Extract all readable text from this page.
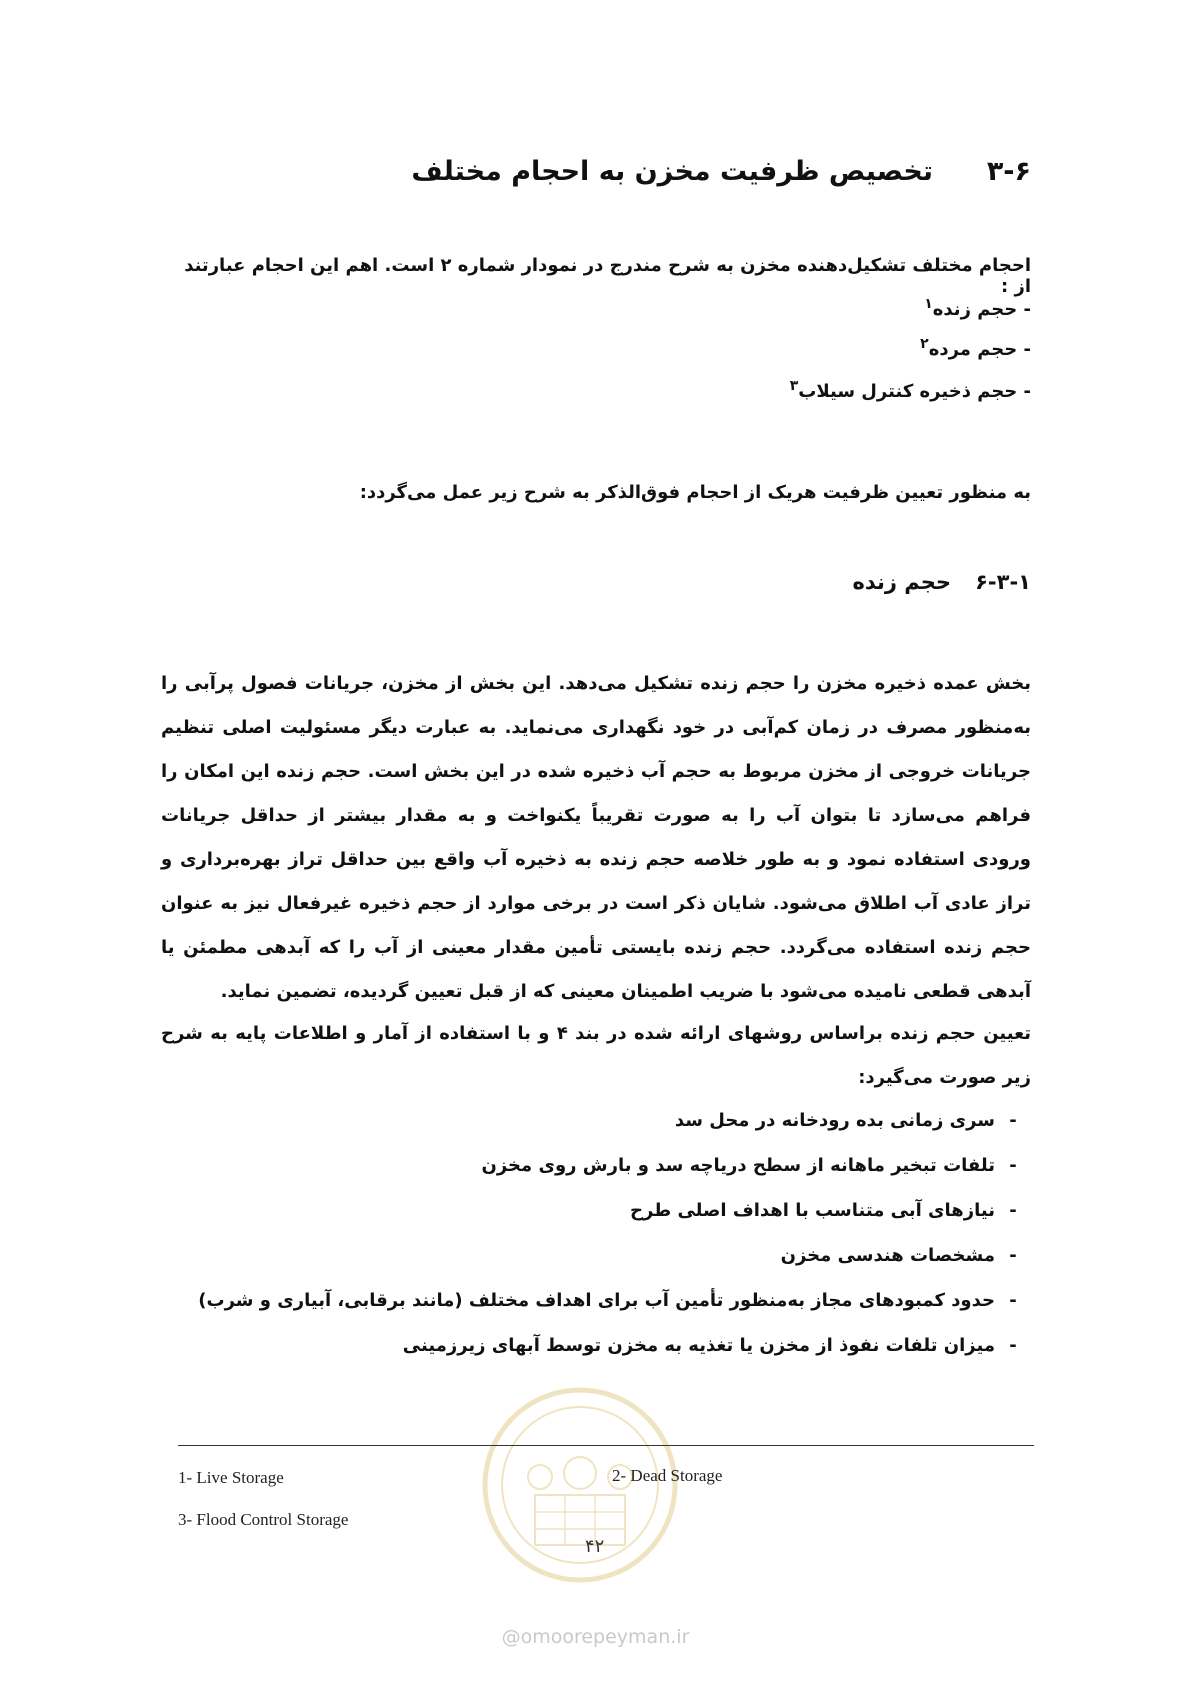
۳-۶
تخصیص ظرفیت مخزن به احجام مختلف
احجام مختلف تشکیل‌دهنده مخزن به شرح مندرج در نمودار شماره ۲ است. اهم این احجام عبارتند از :
- حجم زنده$^۱$
- حجم مرده$^۲$
- حجم ذخیره کنترل سیلاب$^۳$
به منظور تعیین ظرفیت هریک از احجام فوق‌الذکر به شرح زیر عمل می‌گردد:
۶-۳-۱
حجم زنده
بخش عمده ذخیره مخزن را حجم زنده تشکیل می‌دهد. این بخش از مخزن، جریانات فصول پرآبی را به‌منظور مصرف در زمان کم‌آبی در خود نگهداری می‌نماید. به عبارت دیگر مسئولیت اصلی تنظیم جریانات خروجی از مخزن مربوط به حجم آب ذخیره شده در این بخش است. حجم زنده این امکان را فراهم می‌سازد تا بتوان آب را به صورت تقریباً یکنواخت و به مقدار بیشتر از حداقل جریانات ورودی استفاده نمود و به طور خلاصه حجم زنده به ذخیره آب واقع بین حداقل تراز بهره‌برداری و تراز عادی آب اطلاق می‌شود. شایان ذکر است در برخی موارد از حجم ذخیره غیرفعال نیز به عنوان حجم زنده استفاده می‌گردد. حجم زنده بایستی تأمین مقدار معینی از آب را که آبدهی مطمئن یا آبدهی قطعی نامیده می‌شود با ضریب اطمینان معینی که از قبل تعیین گردیده، تضمین نماید.
تعیین حجم زنده براساس روشهای ارائه شده در بند ۴ و با استفاده از آمار و اطلاعات پایه به شرح زیر صورت می‌گیرد:
-سری زمانی بده رودخانه در محل سد
-تلفات تبخیر ماهانه از سطح دریاچه سد و بارش روی مخزن
-نیازهای آبی متناسب با اهداف اصلی طرح
-مشخصات هندسی مخزن
-حدود کمبودهای مجاز به‌منظور تأمین آب برای اهداف مختلف (مانند برقابی، آبیاری و شرب)
-میزان تلفات نفوذ از مخزن یا تغذیه به مخزن توسط آبهای زیرزمینی
1- Live Storage	2- Dead Storage
3- Flood Control Storage
۴۲
@omoorepeyman.ir
